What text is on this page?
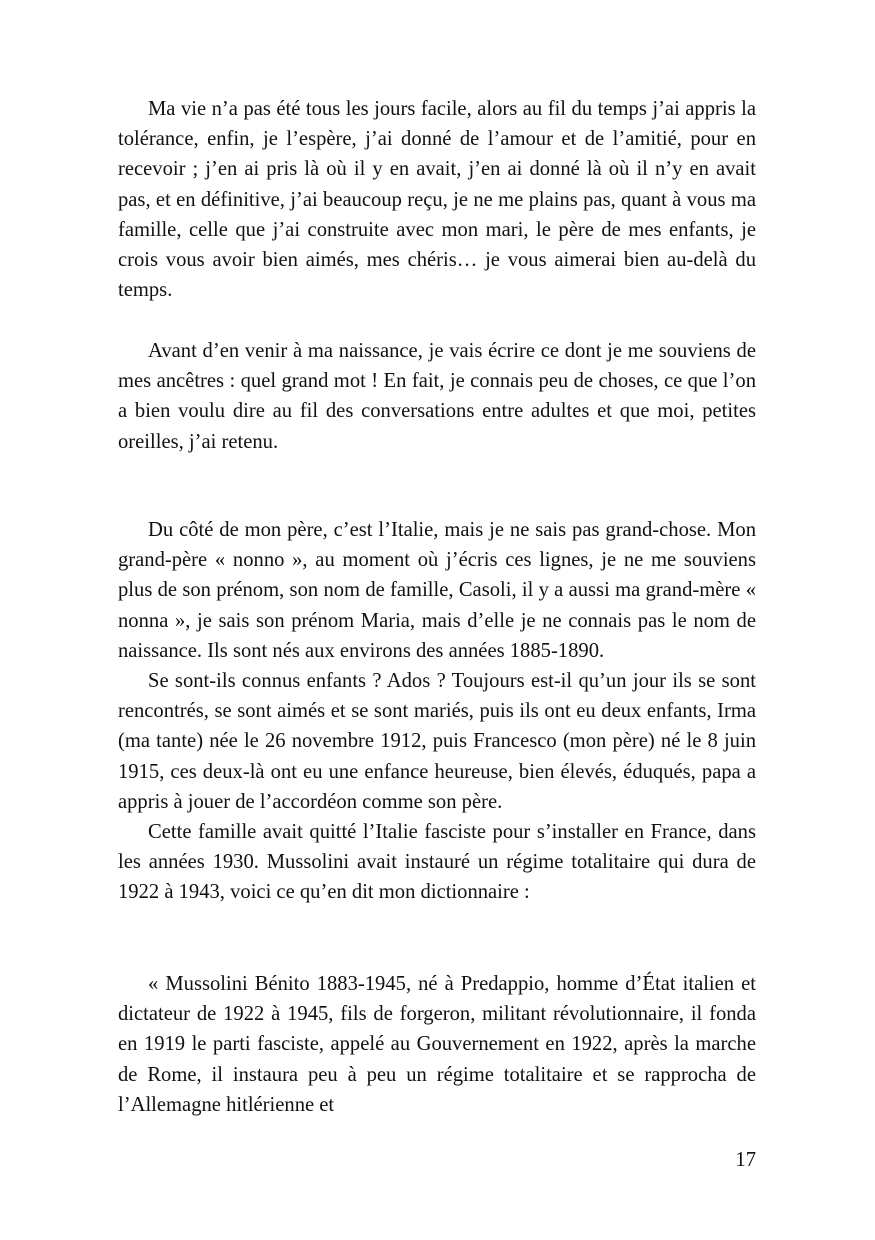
Ma vie n’a pas été tous les jours facile, alors au fil du temps j’ai appris la tolérance, enfin, je l’espère, j’ai donné de l’amour et de l’amitié, pour en recevoir ; j’en ai pris là où il y en avait, j’en ai donné là où il n’y en avait pas, et en définitive, j’ai beaucoup reçu, je ne me plains pas, quant à vous ma famille, celle que j’ai construite avec mon mari, le père de mes enfants, je crois vous avoir bien aimés, mes chéris… je vous aimerai bien au-delà du temps.

Avant d’en venir à ma naissance, je vais écrire ce dont je me souviens de mes ancêtres : quel grand mot ! En fait, je connais peu de choses, ce que l’on a bien voulu dire au fil des conversations entre adultes et que moi, petites oreilles, j’ai retenu.

Du côté de mon père, c’est l’Italie, mais je ne sais pas grand-chose. Mon grand-père « nonno », au moment où j’écris ces lignes, je ne me souviens plus de son prénom, son nom de famille, Casoli, il y a aussi ma grand-mère « nonna », je sais son prénom Maria, mais d’elle je ne connais pas le nom de naissance. Ils sont nés aux environs des années 1885-1890.

Se sont-ils connus enfants ? Ados ? Toujours est-il qu’un jour ils se sont rencontrés, se sont aimés et se sont mariés, puis ils ont eu deux enfants, Irma (ma tante) née le 26 novembre 1912, puis Francesco (mon père) né le 8 juin 1915, ces deux-là ont eu une enfance heureuse, bien élevés, éduqués, papa a appris à jouer de l’accordéon comme son père.

Cette famille avait quitté l’Italie fasciste pour s’installer en France, dans les années 1930. Mussolini avait instauré un régime totalitaire qui dura de 1922 à 1943, voici ce qu’en dit mon dictionnaire :

« Mussolini Bénito 1883-1945, né à Predappio, homme d’État italien et dictateur de 1922 à 1945, fils de forgeron, militant révolutionnaire, il fonda en 1919 le parti fasciste, appelé au Gouvernement en 1922, après la marche de Rome, il instaura peu à peu un régime totalitaire et se rapprocha de l’Allemagne hitlérienne et

17
